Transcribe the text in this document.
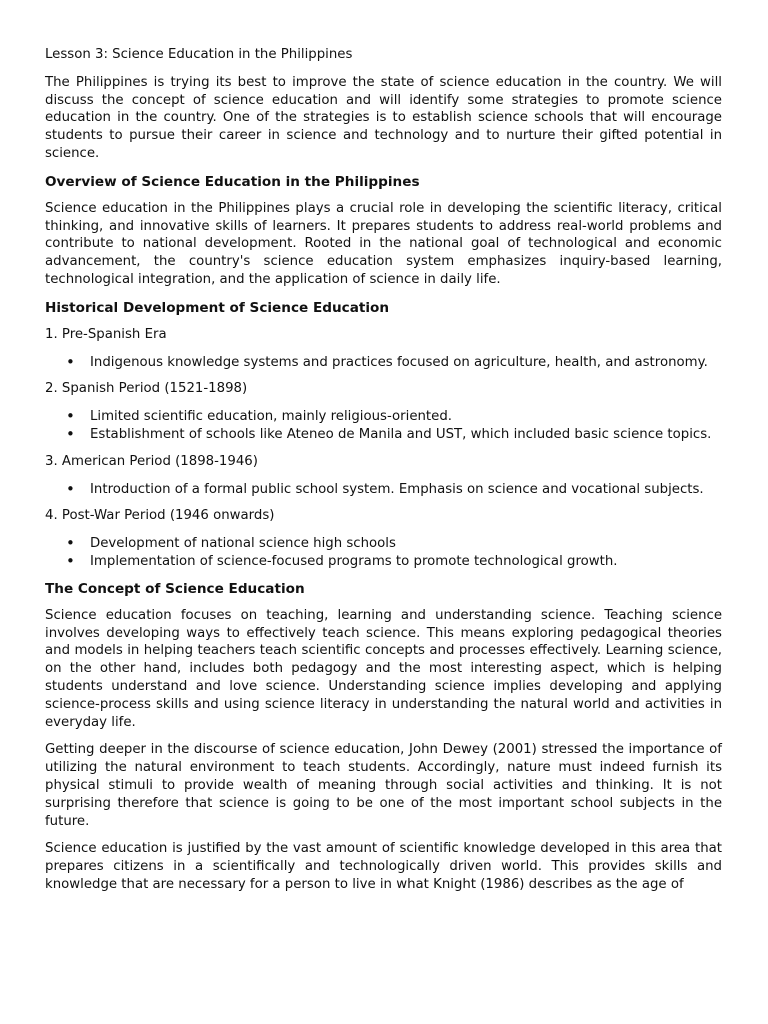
Lesson 3: Science Education in the Philippines

The Philippines is trying its best to improve the state of science education in the country. We will discuss the concept of science education and will identify some strategies to promote science education in the country. One of the strategies is to establish science schools that will encourage students to pursue their career in science and technology and to nurture their gifted potential in science.

Overview of Science Education in the Philippines

Science education in the Philippines plays a crucial role in developing the scientific literacy, critical thinking, and innovative skills of learners. It prepares students to address real-world problems and contribute to national development. Rooted in the national goal of technological and economic advancement, the country's science education system emphasizes inquiry-based learning, technological integration, and the application of science in daily life.

Historical Development of Science Education

1. Pre-Spanish Era

• Indigenous knowledge systems and practices focused on agriculture, health, and astronomy.

2. Spanish Period (1521-1898)

• Limited scientific education, mainly religious-oriented.
• Establishment of schools like Ateneo de Manila and UST, which included basic science topics.

3. American Period (1898-1946)

• Introduction of a formal public school system. Emphasis on science and vocational subjects.

4. Post-War Period (1946 onwards)

• Development of national science high schools
• Implementation of science-focused programs to promote technological growth.
The Concept of Science Education

Science education focuses on teaching, learning and understanding science. Teaching science involves developing ways to effectively teach science. This means exploring pedagogical theories and models in helping teachers teach scientific concepts and processes effectively. Learning science, on the other hand, includes both pedagogy and the most interesting aspect, which is helping students understand and love science. Understanding science implies developing and applying science-process skills and using science literacy in understanding the natural world and activities in everyday life.

Getting deeper in the discourse of science education, John Dewey (2001) stressed the importance of utilizing the natural environment to teach students. Accordingly, nature must indeed furnish its physical stimuli to provide wealth of meaning through social activities and thinking. It is not surprising therefore that science is going to be one of the most important school subjects in the future.

Science education is justified by the vast amount of scientific knowledge developed in this area that prepares citizens in a scientifically and technologically driven world. This provides skills and knowledge that are necessary for a person to live in what Knight (1986) describes as the age of
